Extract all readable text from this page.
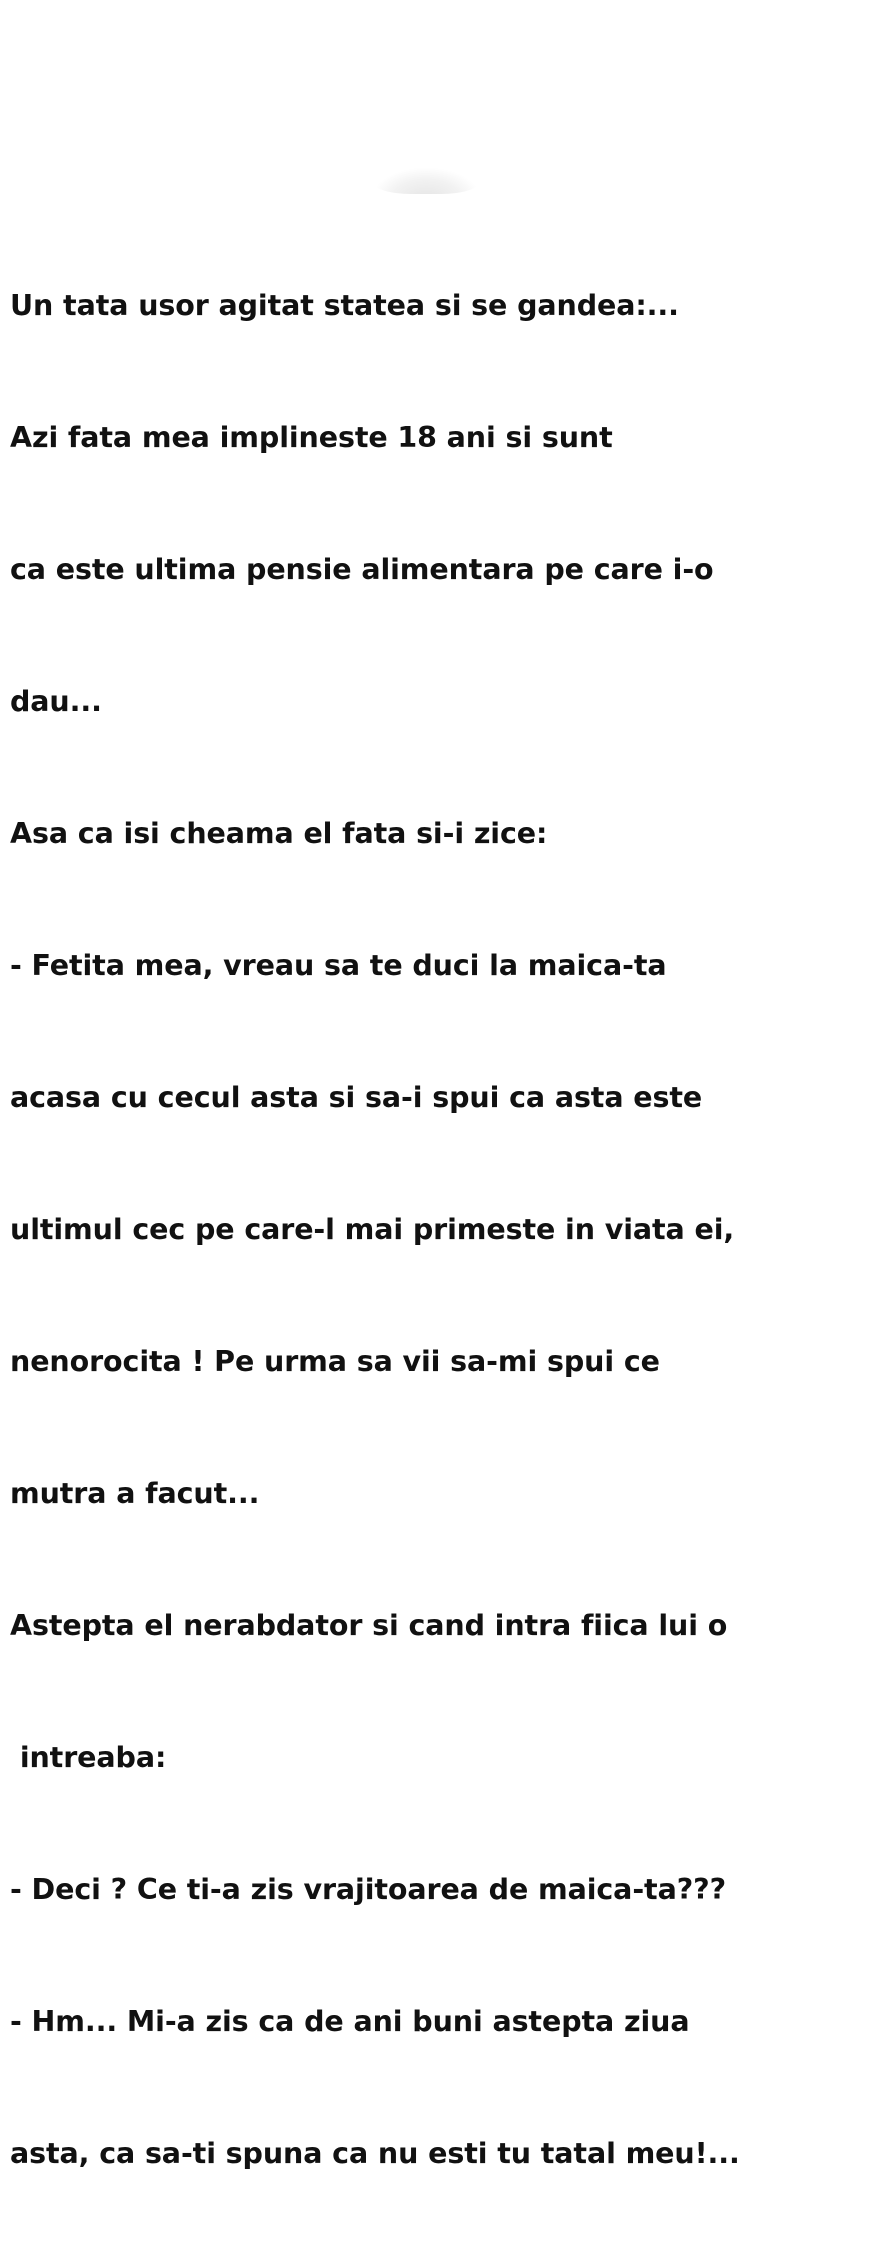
Un tata usor agitat statea si se gandea:...

Azi fata mea implineste 18 ani si sunt

ca este ultima pensie alimentara pe care i-o

dau...

Asa ca isi cheama el fata si-i zice:

- Fetita mea, vreau sa te duci la maica-ta

acasa cu cecul asta si sa-i spui ca asta este

ultimul cec pe care-l mai primeste in viata ei,

nenorocita ! Pe urma sa vii sa-mi spui ce

mutra a facut...

Astepta el nerabdator si cand intra fiica lui o

intreaba:

- Deci ? Ce ti-a zis vrajitoarea de maica-ta???

- Hm... Mi-a zis ca de ani buni astepta ziua

asta, ca sa-ti spuna ca nu esti tu tatal meu!...
